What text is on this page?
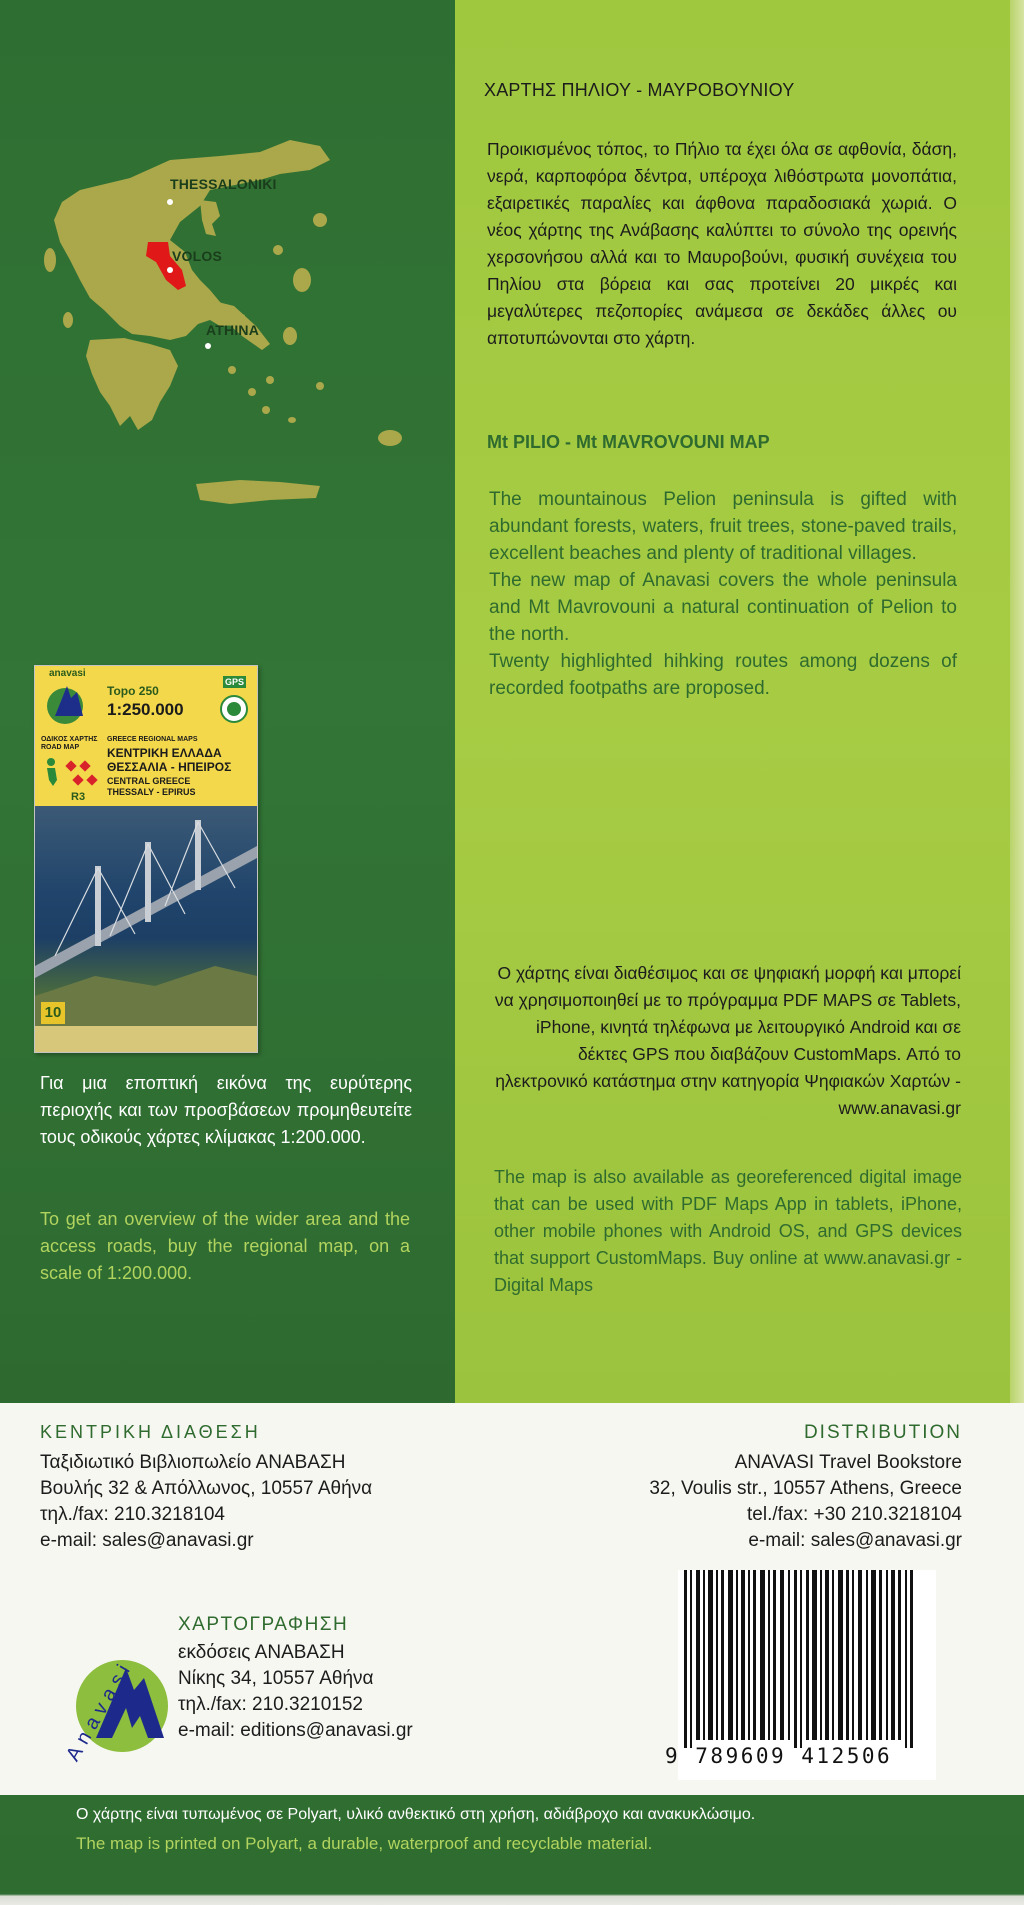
THESSALONIKI
VOLOS
ATHINA
anavasi
Topo 250
1:250.000
GPS
ΟΔΙΚΟΣ ΧΑΡΤΗΣ
ROAD MAP
GREECE REGIONAL MAPS
ΚΕΝΤΡΙΚΗ ΕΛΛΑΔΑ
ΘΕΣΣΑΛΙΑ - ΗΠΕΙΡΟΣ
CENTRAL GREECE
THESSALY - EPIRUS
R3
10

ΧΑΡΤΗΣ ΠΗΛΙΟΥ - ΜΑΥΡΟΒΟΥΝΙΟΥ

Προικισμένος τόπος, το Πήλιο τα έχει όλα σε αφθονία, δάση, νερά, καρποφόρα δέντρα, υπέροχα λιθόστρωτα μονοπάτια, εξαιρετικές παραλίες και άφθονα παραδοσιακά χωριά. Ο νέος χάρτης της Ανάβασης καλύπτει το σύνολο της ορεινής χερσονήσου αλλά και το Μαυροβούνι, φυσική συνέχεια του Πηλίου στα βόρεια και σας προτείνει 20 μικρές και μεγαλύτερες πεζοπορίες ανάμεσα σε δεκάδες άλλες ου αποτυπώνονται στο χάρτη.

Mt PILIO - Mt MAVROVOUNI MAP

The mountainous Pelion peninsula is gifted with abundant forests, waters, fruit trees, stone-paved trails, excellent beaches and plenty of traditional villages.
The new map of Anavasi covers the whole peninsula and Mt Mavrovouni a natural continuation of Pelion to the north.
Twenty highlighted hihking routes among dozens of recorded footpaths are proposed.

Ο χάρτης είναι διαθέσιμος και σε ψηφιακή μορφή και μπορεί να χρησιμοποιηθεί με το πρόγραμμα PDF MAPS σε Tablets, iPhone, κινητά τηλέφωνα με λειτουργικό Android και σε δέκτες GPS που διαβάζουν CustomMaps. Από το ηλεκτρονικό κατάστημα στην κατηγορία Ψηφιακών Χαρτών - www.anavasi.gr

The map is also available as georeferenced digital image that can be used with PDF Maps App in tablets, iPhone, other mobile phones with Android OS, and GPS devices that support CustomMaps. Buy online at www.anavasi.gr - Digital Maps

Για μια εποπτική εικόνα της ευρύτερης περιοχής και των προσβάσεων προμηθευτείτε τους οδικούς χάρτες κλίμακας 1:200.000.

To get an overview of the wider area and the access roads, buy the regional map, on a scale of 1:200.000.

ΚΕΝΤΡΙΚΗ ΔΙΑΘΕΣΗ

Ταξιδιωτικό Βιβλιοπωλείο ΑΝΑΒΑΣΗ
Βουλής 32 & Απόλλωνος, 10557 Αθήνα
τηλ./fax: 210.3218104
e-mail: sales@anavasi.gr

DISTRIBUTION

ANAVASI Travel Bookstore
32, Voulis str., 10557 Athens, Greece
tel./fax: +30 210.3218104
e-mail: sales@anavasi.gr
Anavasi

ΧΑΡΤΟΓΡΑΦΗΣΗ

εκδόσεις ΑΝΑΒΑΣΗ
Νίκης 34, 10557 Αθήνα
τηλ./fax: 210.3210152
e-mail: editions@anavasi.gr
9 789609 412506

Ο χάρτης είναι τυπωμένος σε Polyart, υλικό ανθεκτικό στη χρήση, αδιάβροχο και ανακυκλώσιμο.

The map is printed on Polyart, a durable, waterproof and recyclable material.
